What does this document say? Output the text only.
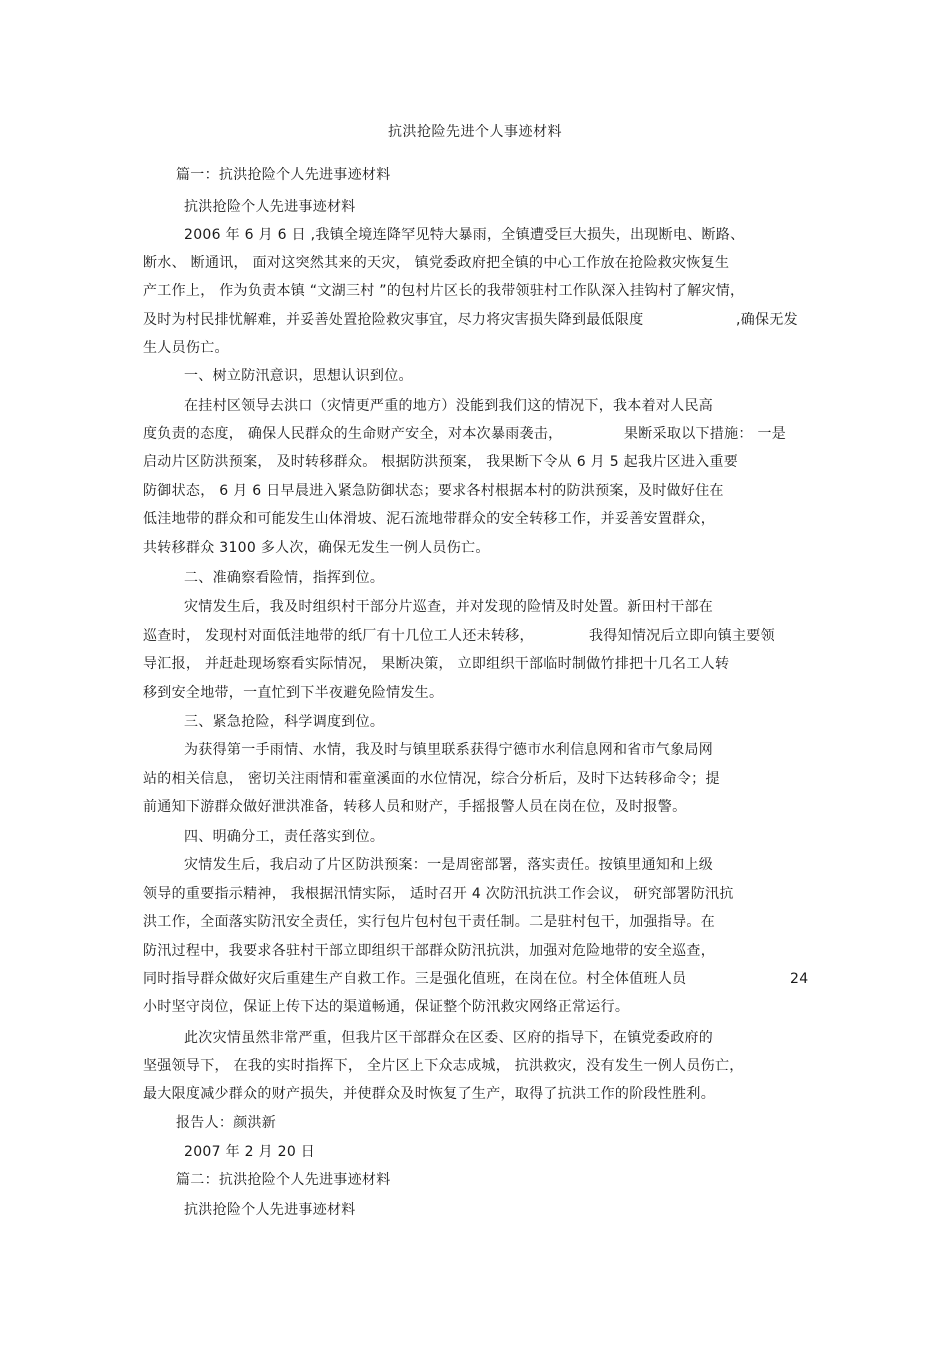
抗洪抢险先进个人事迹材料
篇一：抗洪抢险个人先进事迹材料
抗洪抢险个人先进事迹材料
2006 年 6 月 6 日 ,我镇全境连降罕见特大暴雨，全镇遭受巨大损失，出现断电、断路、
断水、 断通讯， 面对这突然其来的天灾， 镇党委政府把全镇的中心工作放在抢险救灾恢复生
产工作上， 作为负责本镇 “文湖三村 ”的包村片区长的我带领驻村工作队深入挂钩村了解灾情，
及时为村民排忧解难，并妥善处置抢险救灾事宜，尽力将灾害损失降到最低限度	,确保无发
生人员伤亡。
一、树立防汛意识，思想认识到位。
在挂村区领导去洪口（灾情更严重的地方）没能到我们这的情况下，我本着对人民高
度负责的态度， 确保人民群众的生命财产安全，对本次暴雨袭击，	果断采取以下措施： 一是
启动片区防洪预案， 及时转移群众。 根据防洪预案， 我果断下令从 6 月 5 起我片区进入重要
防御状态， 6 月 6 日早晨进入紧急防御状态；要求各村根据本村的防洪预案，及时做好住在
低洼地带的群众和可能发生山体滑坡、泥石流地带群众的安全转移工作，并妥善安置群众，
共转移群众 3100 多人次，确保无发生一例人员伤亡。
二、准确察看险情，指挥到位。
灾情发生后，我及时组织村干部分片巡查，并对发现的险情及时处置。新田村干部在
巡查时， 发现村对面低洼地带的纸厂有十几位工人还未转移，	我得知情况后立即向镇主要领
导汇报， 并赶赴现场察看实际情况， 果断决策， 立即组织干部临时制做竹排把十几名工人转
移到安全地带，一直忙到下半夜避免险情发生。
三、紧急抢险，科学调度到位。
为获得第一手雨情、水情，我及时与镇里联系获得宁德市水利信息网和省市气象局网
站的相关信息， 密切关注雨情和霍童溪面的水位情况，综合分析后，及时下达转移命令；提
前通知下游群众做好泄洪准备，转移人员和财产，手摇报警人员在岗在位，及时报警。
四、明确分工，责任落实到位。
灾情发生后，我启动了片区防洪预案：一是周密部署，落实责任。按镇里通知和上级
领导的重要指示精神， 我根据汛情实际， 适时召开 4 次防汛抗洪工作会议， 研究部署防汛抗
洪工作，全面落实防汛安全责任，实行包片包村包干责任制。二是驻村包干，加强指导。在
防汛过程中，我要求各驻村干部立即组织干部群众防汛抗洪，加强对危险地带的安全巡查，
同时指导群众做好灾后重建生产自救工作。三是强化值班，在岗在位。村全体值班人员	24
小时坚守岗位，保证上传下达的渠道畅通，保证整个防汛救灾网络正常运行。
此次灾情虽然非常严重，但我片区干部群众在区委、区府的指导下，在镇党委政府的
坚强领导下， 在我的实时指挥下， 全片区上下众志成城， 抗洪救灾，没有发生一例人员伤亡，
最大限度减少群众的财产损失，并使群众及时恢复了生产，取得了抗洪工作的阶段性胜利。
报告人：颜洪新
2007 年 2 月 20 日
篇二：抗洪抢险个人先进事迹材料
抗洪抢险个人先进事迹材料
